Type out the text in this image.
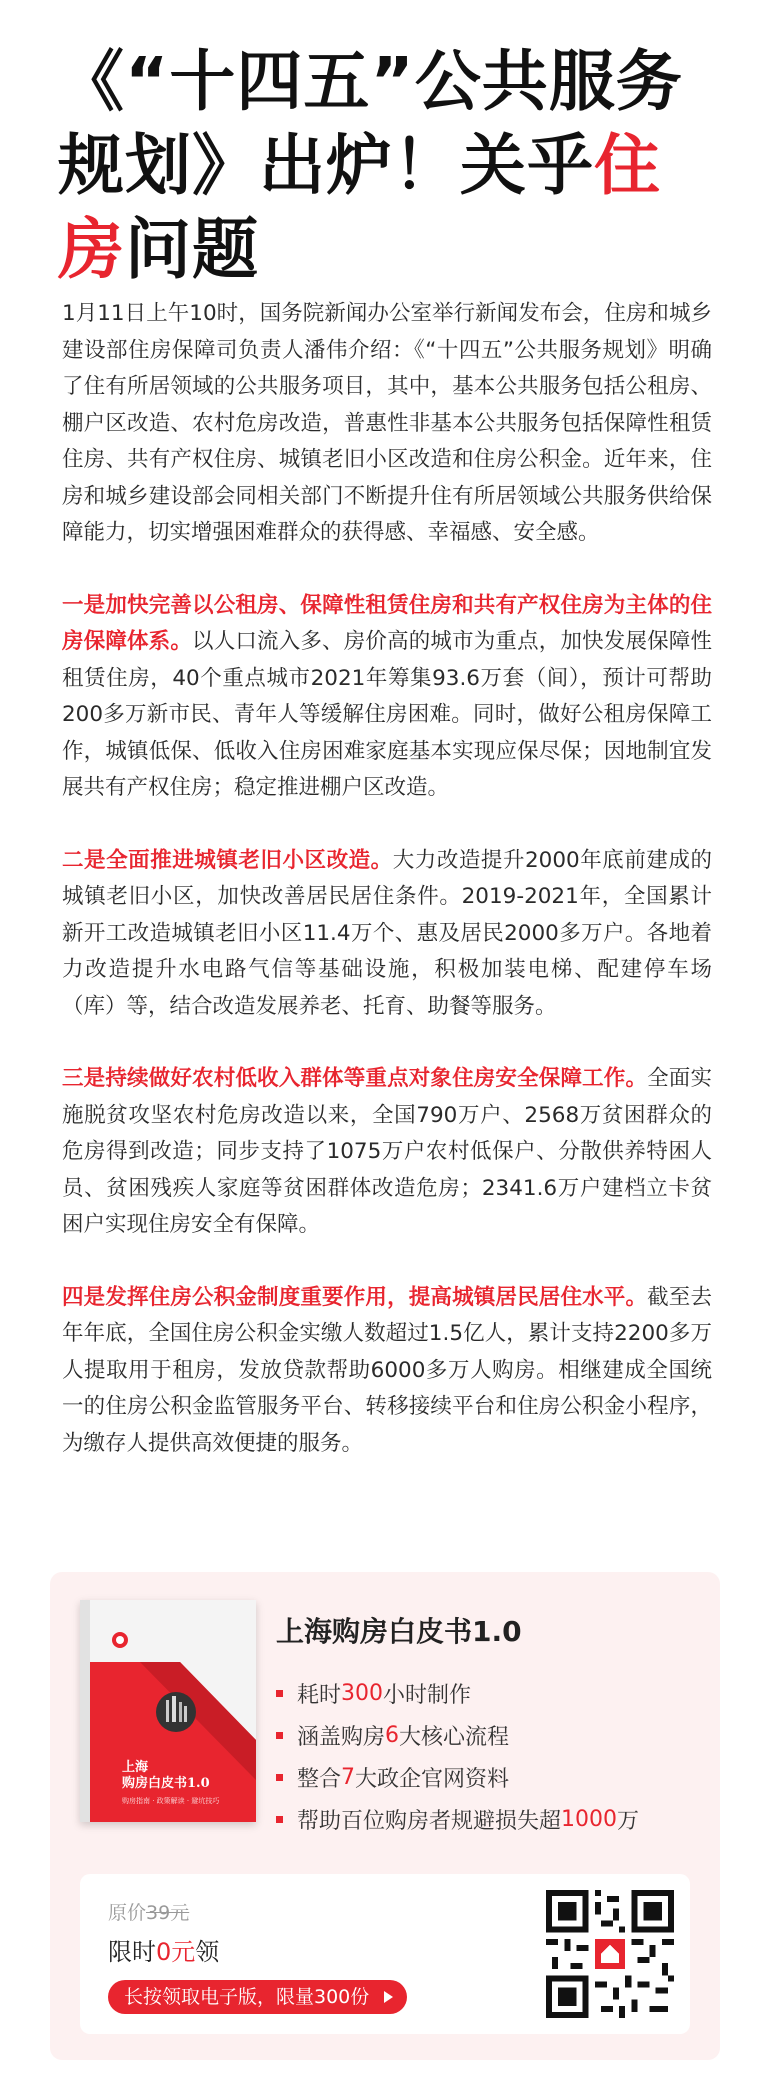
《“十四五”公共服务规划》出炉！关乎住房问题

1月11日上午10时，国务院新闻办公室举行新闻发布会，住房和城乡建设部住房保障司负责人潘伟介绍：《“十四五”公共服务规划》明确了住有所居领域的公共服务项目，其中，基本公共服务包括公租房、棚户区改造、农村危房改造，普惠性非基本公共服务包括保障性租赁住房、共有产权住房、城镇老旧小区改造和住房公积金。近年来，住房和城乡建设部会同相关部门不断提升住有所居领域公共服务供给保障能力，切实增强困难群众的获得感、幸福感、安全感。

一是加快完善以公租房、保障性租赁住房和共有产权住房为主体的住房保障体系。以人口流入多、房价高的城市为重点，加快发展保障性租赁住房，40个重点城市2021年筹集93.6万套（间），预计可帮助200多万新市民、青年人等缓解住房困难。同时，做好公租房保障工作，城镇低保、低收入住房困难家庭基本实现应保尽保；因地制宜发展共有产权住房；稳定推进棚户区改造。

二是全面推进城镇老旧小区改造。大力改造提升2000年底前建成的城镇老旧小区，加快改善居民居住条件。2019-2021年，全国累计新开工改造城镇老旧小区11.4万个、惠及居民2000多万户。各地着力改造提升水电路气信等基础设施，积极加装电梯、配建停车场（库）等，结合改造发展养老、托育、助餐等服务。

三是持续做好农村低收入群体等重点对象住房安全保障工作。全面实施脱贫攻坚农村危房改造以来，全国790万户、2568万贫困群众的危房得到改造；同步支持了1075万户农村低保户、分散供养特困人员、贫困残疾人家庭等贫困群体改造危房；2341.6万户建档立卡贫困户实现住房安全有保障。

四是发挥住房公积金制度重要作用，提高城镇居民居住水平。截至去年年底，全国住房公积金实缴人数超过1.5亿人，累计支持2200多万人提取用于租房，发放贷款帮助6000多万人购房。相继建成全国统一的住房公积金监管服务平台、转移接续平台和住房公积金小程序，为缴存人提供高效便捷的服务。

上海
购房白皮书1.0
购房指南 · 政策解读 · 避坑技巧
上海购房白皮书1.0
耗时 300 小时制作
涵盖购房 6 大核心流程
整合 7 大政企官网资料
帮助百位购房者规避损失超 1000 万
原价39元
限时0元领
长按领取电子版，限量300份
